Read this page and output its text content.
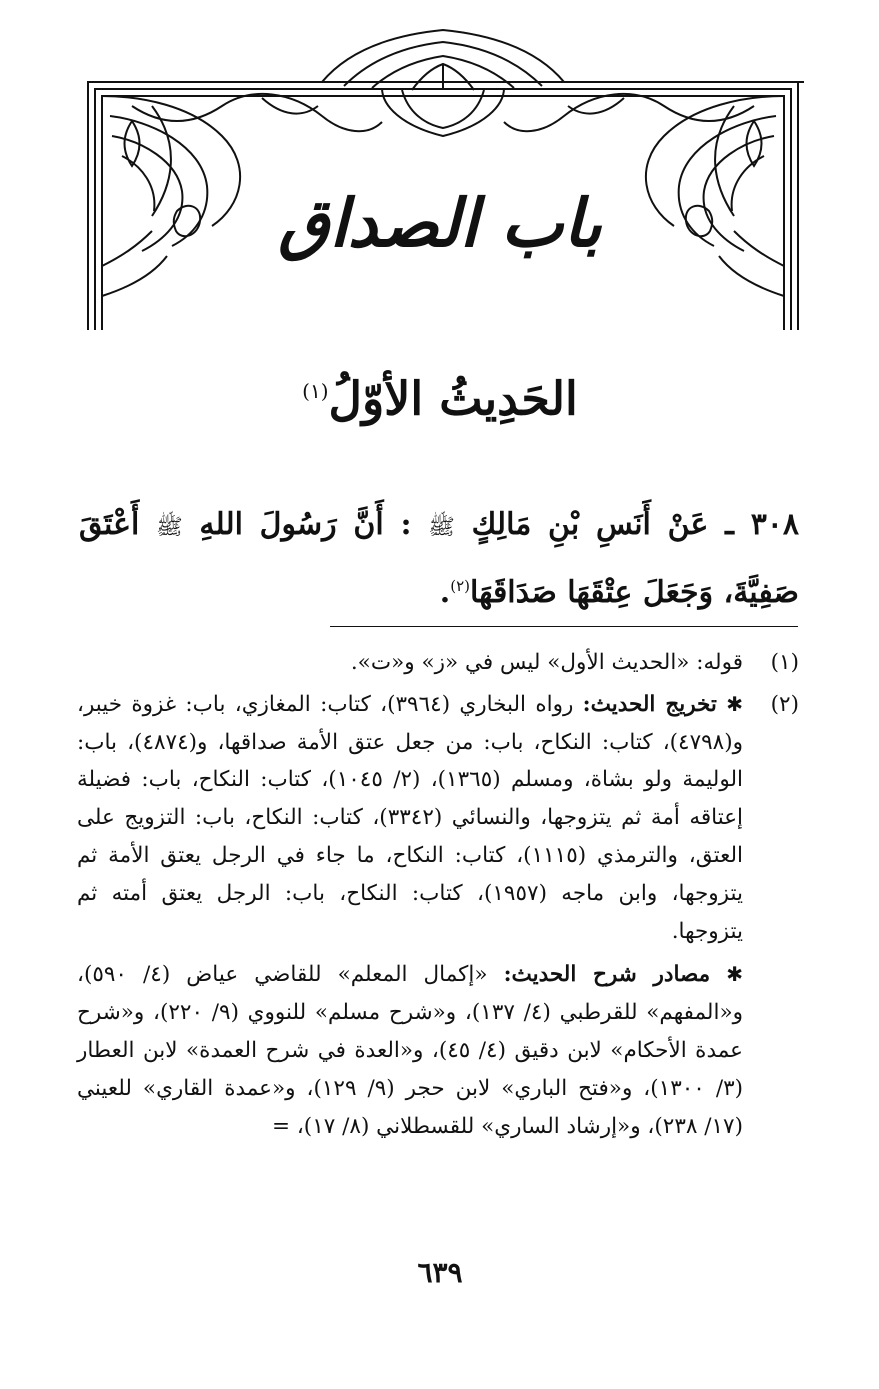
باب الصداق
الحَدِيثُ الأوّلُ$^{(١)}$
٣٠٨ ـ عَنْ أَنَسِ بْنِ مَالِكٍ ﷺ : أَنَّ رَسُولَ اللهِ ﷺ أَعْتَقَ صَفِيَّةَ، وَجَعَلَ عِتْقَهَا صَدَاقَهَا$^{(٢)}$.
(١)

قوله: «الحديث الأول» ليس في «ز» و«ت».

(٢)

✱ تخريج الحديث: رواه البخاري (٣٩٦٤)، كتاب: المغازي، باب: غزوة خيبر، و(٤٧٩٨)، كتاب: النكاح، باب: من جعل عتق الأمة صداقها، و(٤٨٧٤)، باب: الوليمة ولو بشاة، ومسلم (١٣٦٥)، (٢/ ١٠٤٥)، كتاب: النكاح، باب: فضيلة إعتاقه أمة ثم يتزوجها، والنسائي (٣٣٤٢)، كتاب: النكاح، باب: التزويج على العتق، والترمذي (١١١٥)، كتاب: النكاح، ما جاء في الرجل يعتق الأمة ثم يتزوجها، وابن ماجه (١٩٥٧)، كتاب: النكاح، باب: الرجل يعتق أمته ثم يتزوجها.

✱ مصادر شرح الحديث: «إكمال المعلم» للقاضي عياض (٤/ ٥٩٠)، و«المفهم» للقرطبي (٤/ ١٣٧)، و«شرح مسلم» للنووي (٩/ ٢٢٠)، و«شرح عمدة الأحكام» لابن دقيق (٤/ ٤٥)، و«العدة في شرح العمدة» لابن العطار (٣/ ١٣٠٠)، و«فتح الباري» لابن حجر (٩/ ١٢٩)، و«عمدة القاري» للعيني (١٧/ ٢٣٨)، و«إرشاد الساري» للقسطلاني (٨/ ١٧)، =

٦٣٩
